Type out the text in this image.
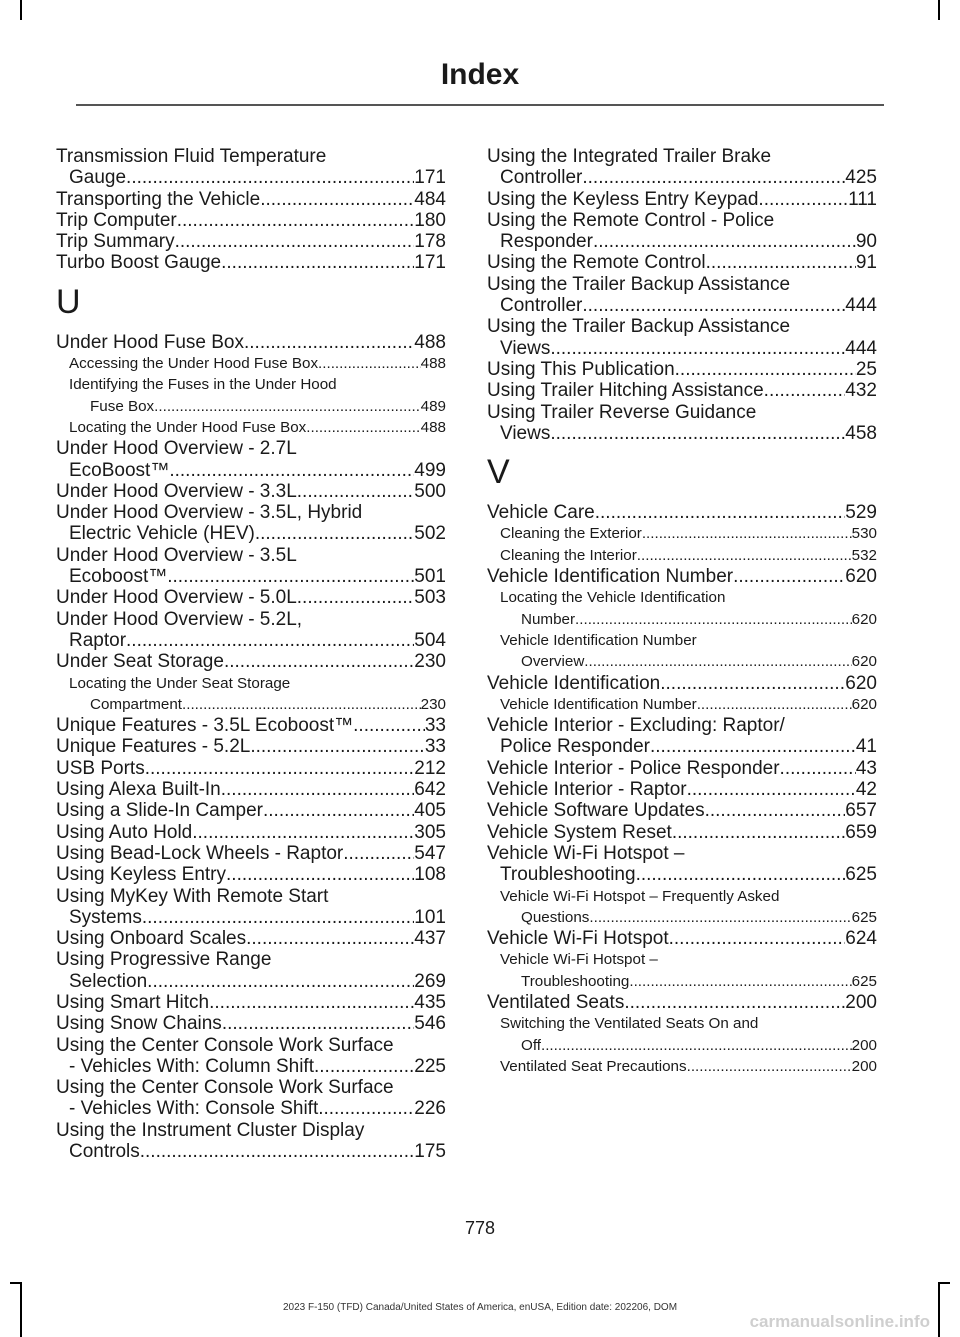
Index
Transmission Fluid Temperature
Gauge .....	171
Transporting the Vehicle .....	484
Trip Computer .....	180
Trip Summary .....	178
Turbo Boost Gauge .....	171
U
Under Hood Fuse Box .....	488
Accessing the Under Hood Fuse Box .....	488
Identifying the Fuses in the Under Hood
Fuse Box .....	489
Locating the Under Hood Fuse Box .....	488
Under Hood Overview - 2.7L
EcoBoost™ .....	499
Under Hood Overview - 3.3L .....	500
Under Hood Overview - 3.5L, Hybrid
Electric Vehicle (HEV) .....	502
Under Hood Overview - 3.5L
Ecoboost™ .....	501
Under Hood Overview - 5.0L .....	503
Under Hood Overview - 5.2L,
Raptor .....	504
Under Seat Storage .....	230
Locating the Under Seat Storage
Compartment .....	230
Unique Features - 3.5L Ecoboost™ .....	33
Unique Features - 5.2L .....	33
USB Ports .....	212
Using Alexa Built-In .....	642
Using a Slide-In Camper .....	405
Using Auto Hold .....	305
Using Bead-Lock Wheels - Raptor .....	547
Using Keyless Entry .....	108
Using MyKey With Remote Start
Systems .....	101
Using Onboard Scales .....	437
Using Progressive Range
Selection .....	269
Using Smart Hitch .....	435
Using Snow Chains .....	546
Using the Center Console Work Surface
- Vehicles With: Column Shift .....	225
Using the Center Console Work Surface
- Vehicles With: Console Shift .....	226
Using the Instrument Cluster Display
Controls .....	175
Using the Integrated Trailer Brake
Controller .....	425
Using the Keyless Entry Keypad .....	111
Using the Remote Control - Police
Responder .....	90
Using the Remote Control .....	91
Using the Trailer Backup Assistance
Controller .....	444
Using the Trailer Backup Assistance
Views .....	444
Using This Publication .....	25
Using Trailer Hitching Assistance .....	432
Using Trailer Reverse Guidance
Views .....	458
V
Vehicle Care .....	529
Cleaning the Exterior .....	530
Cleaning the Interior .....	532
Vehicle Identification Number .....	620
Locating the Vehicle Identification
Number .....	620
Vehicle Identification Number
Overview .....	620
Vehicle Identification .....	620
Vehicle Identification Number .....	620
Vehicle Interior - Excluding: Raptor/
Police Responder .....	41
Vehicle Interior - Police Responder .....	43
Vehicle Interior - Raptor .....	42
Vehicle Software Updates .....	657
Vehicle System Reset .....	659
Vehicle Wi-Fi Hotspot –
Troubleshooting .....	625
Vehicle Wi-Fi Hotspot – Frequently Asked
Questions .....	625
Vehicle Wi-Fi Hotspot .....	624
Vehicle Wi-Fi Hotspot –
Troubleshooting .....	625
Ventilated Seats .....	200
Switching the Ventilated Seats On and
Off .....	200
Ventilated Seat Precautions .....	200
778
2023 F-150 (TFD) Canada/United States of America, enUSA, Edition date: 202206, DOM
carmanualsonline.info
